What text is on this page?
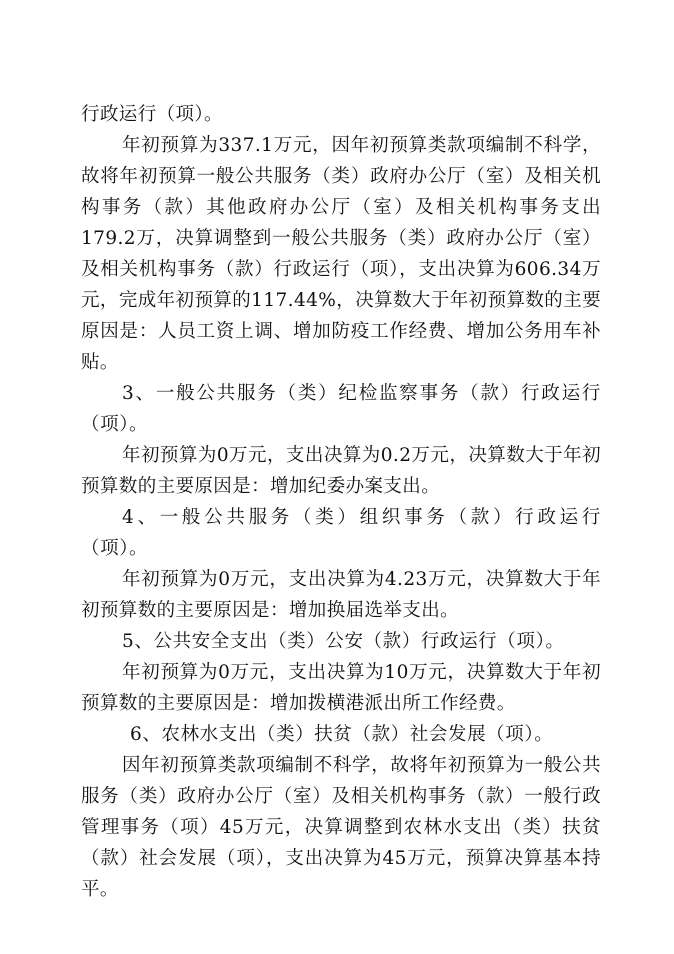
行政运行（项）。

年初预算为337.1万元，因年初预算类款项编制不科学，故将年初预算一般公共服务（类）政府办公厅（室）及相关机构事务（款）其他政府办公厅（室）及相关机构事务支出179.2万，决算调整到一般公共服务（类）政府办公厅（室）及相关机构事务（款）行政运行（项），支出决算为606.34万元，完成年初预算的117.44%，决算数大于年初预算数的主要原因是：人员工资上调、增加防疫工作经费、增加公务用车补贴。

3、一般公共服务（类）纪检监察事务（款）行政运行（项）。

年初预算为0万元，支出决算为0.2万元，决算数大于年初预算数的主要原因是：增加纪委办案支出。

4、一般公共服务（类）组织事务（款）行政运行（项）。

年初预算为0万元，支出决算为4.23万元，决算数大于年初预算数的主要原因是：增加换届选举支出。

5、公共安全支出（类）公安（款）行政运行（项）。

年初预算为0万元，支出决算为10万元，决算数大于年初预算数的主要原因是：增加拨横港派出所工作经费。

6、农林水支出（类）扶贫（款）社会发展（项）。

因年初预算类款项编制不科学，故将年初预算为一般公共服务（类）政府办公厅（室）及相关机构事务（款）一般行政管理事务（项）45万元，决算调整到农林水支出（类）扶贫（款）社会发展（项），支出决算为45万元，预算决算基本持平。
